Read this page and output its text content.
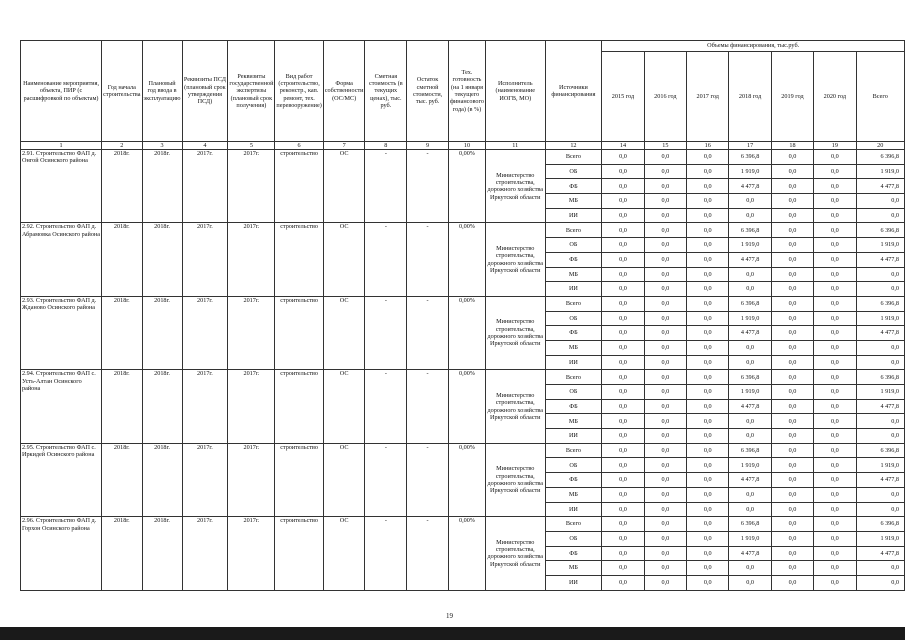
Наименование мероприятия, объекта, ПИР (с расшифровкой по объектам)	Год начала строительства	Плановый год ввода в эксплуатацию	Реквизиты ПСД (плановый срок утверждения ПСД)	Реквизиты государственной экспертизы (плановый срок получения)	Вид работ (строительство, реконстр., кап. ремонт, тех. перевооружение)	Форма собственности (ОС/МС)	Сметная стоимость (в текущих ценах), тыс. руб.	Остаток сметной стоимости, тыс. руб.	Тех. готовность (на 1 января текущего финансового года) (в %)	Исполнитель (наименование ИОГВ, МО)	Источники финансирования	Объемы финансирования, тыс.руб.						
												2015 год	2016 год	2017 год	2018 год	2019 год	2020 год	Всего
1	2	3	4	5	6	7	8	9	10	11	12	14	15	16	17	18	19	20
2.91. Строительство ФАП д. Онгой Осинского района	2018г.	2018г.	2017г.	2017г.	строительство	ОС	-	-	0,00%	Министерство строительства, дорожного хозяйства Иркутской области	Всего	0,0	0,0	0,0	6 396,8	0,0	0,0	6 396,8
											ОБ	0,0	0,0	0,0	1 919,0	0,0	0,0	1 919,0
											ФБ	0,0	0,0	0,0	4 477,8	0,0	0,0	4 477,8
											МБ	0,0	0,0	0,0	0,0	0,0	0,0	0,0
											ИИ	0,0	0,0	0,0	0,0	0,0	0,0	0,0
2.92. Строительство ФАП д. Абрамовка Осинского района	2018г.	2018г.	2017г.	2017г.	строительство	ОС	-	-	0,00%	Министерство строительства, дорожного хозяйства Иркутской области	Всего	0,0	0,0	0,0	6 396,8	0,0	0,0	6 396,8
											ОБ	0,0	0,0	0,0	1 919,0	0,0	0,0	1 919,0
											ФБ	0,0	0,0	0,0	4 477,8	0,0	0,0	4 477,8
											МБ	0,0	0,0	0,0	0,0	0,0	0,0	0,0
											ИИ	0,0	0,0	0,0	0,0	0,0	0,0	0,0
2.93. Строительство ФАП д. Жданово Осинского района	2018г.	2018г.	2017г.	2017г.	строительство	ОС	-	-	0,00%	Министерство строительства, дорожного хозяйства Иркутской области	Всего	0,0	0,0	0,0	6 396,8	0,0	0,0	6 396,8
											ОБ	0,0	0,0	0,0	1 919,0	0,0	0,0	1 919,0
											ФБ	0,0	0,0	0,0	4 477,8	0,0	0,0	4 477,8
											МБ	0,0	0,0	0,0	0,0	0,0	0,0	0,0
											ИИ	0,0	0,0	0,0	0,0	0,0	0,0	0,0
2.94. Строительство ФАП с. Усть-Алтан Осинского района	2018г.	2018г.	2017г.	2017г.	строительство	ОС	-	-	0,00%	Министерство строительства, дорожного хозяйства Иркутской области	Всего	0,0	0,0	0,0	6 396,8	0,0	0,0	6 396,8
											ОБ	0,0	0,0	0,0	1 919,0	0,0	0,0	1 919,0
											ФБ	0,0	0,0	0,0	4 477,8	0,0	0,0	4 477,8
											МБ	0,0	0,0	0,0	0,0	0,0	0,0	0,0
											ИИ	0,0	0,0	0,0	0,0	0,0	0,0	0,0
2.95. Строительство ФАП с. Иркидей Осинского района	2018г.	2018г.	2017г.	2017г.	строительство	ОС	-	-	0,00%	Министерство строительства, дорожного хозяйства Иркутской области	Всего	0,0	0,0	0,0	6 396,8	0,0	0,0	6 396,8
											ОБ	0,0	0,0	0,0	1 919,0	0,0	0,0	1 919,0
											ФБ	0,0	0,0	0,0	4 477,8	0,0	0,0	4 477,8
											МБ	0,0	0,0	0,0	0,0	0,0	0,0	0,0
											ИИ	0,0	0,0	0,0	0,0	0,0	0,0	0,0
2.96. Строительство ФАП д. Горхон Осинского района	2018г.	2018г.	2017г.	2017г.	строительство	ОС	-	-	0,00%	Министерство строительства, дорожного хозяйства Иркутской области	Всего	0,0	0,0	0,0	6 396,8	0,0	0,0	6 396,8
											ОБ	0,0	0,0	0,0	1 919,0	0,0	0,0	1 919,0
											ФБ	0,0	0,0	0,0	4 477,8	0,0	0,0	4 477,8
											МБ	0,0	0,0	0,0	0,0	0,0	0,0	0,0
											ИИ	0,0	0,0	0,0	0,0	0,0	0,0	0,0
19
